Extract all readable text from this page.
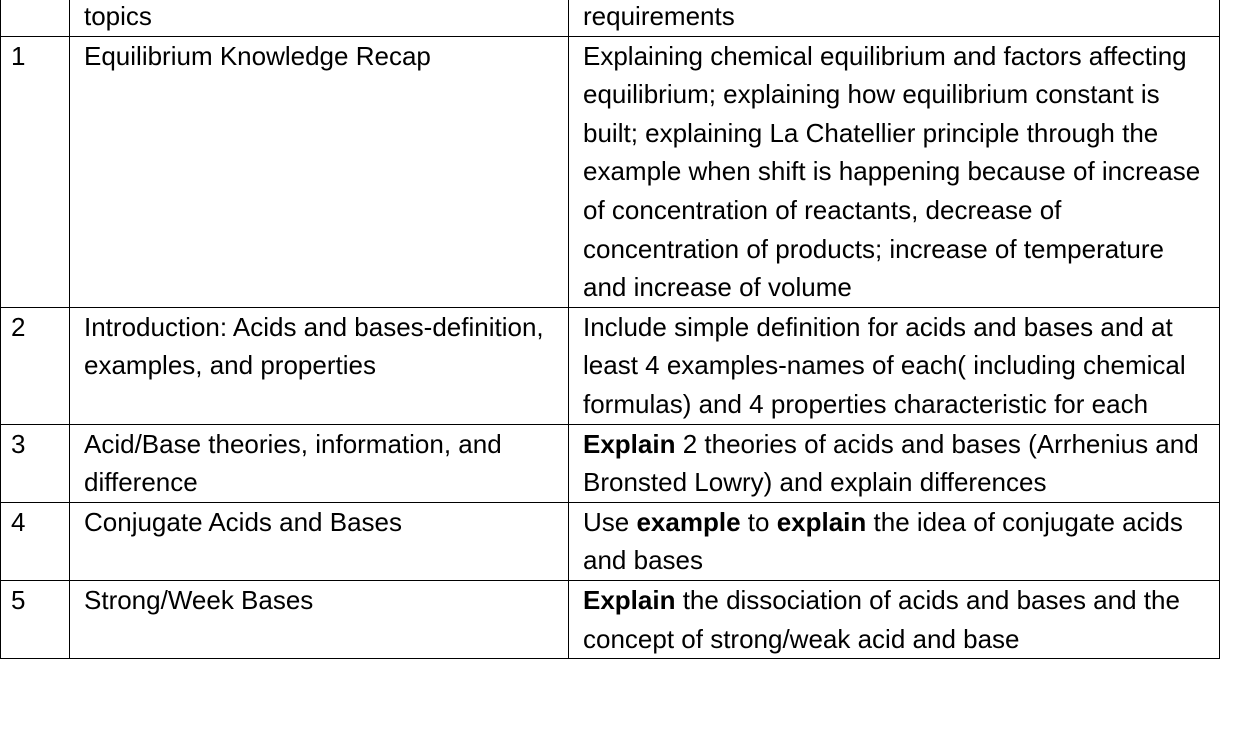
	topics	requirements
1	Equilibrium Knowledge Recap	Explaining chemical equilibrium and factors affecting equilibrium; explaining how equilibrium constant is built; explaining La Chatellier principle through the example when shift is happening because of increase of concentration of reactants, decrease of concentration of products; increase of temperature and increase of volume
2	Introduction: Acids and bases-definition, examples, and properties	Include simple definition for acids and bases and at least 4 examples-names of each( including chemical formulas) and 4 properties characteristic for each
3	Acid/Base theories, information, and difference	Explain 2 theories of acids and bases (Arrhenius and Bronsted Lowry) and explain differences
4	Conjugate Acids and Bases	Use example to explain the idea of conjugate acids and bases
5	Strong/Week Bases	Explain the dissociation of acids and bases and the concept of strong/weak acid and base
